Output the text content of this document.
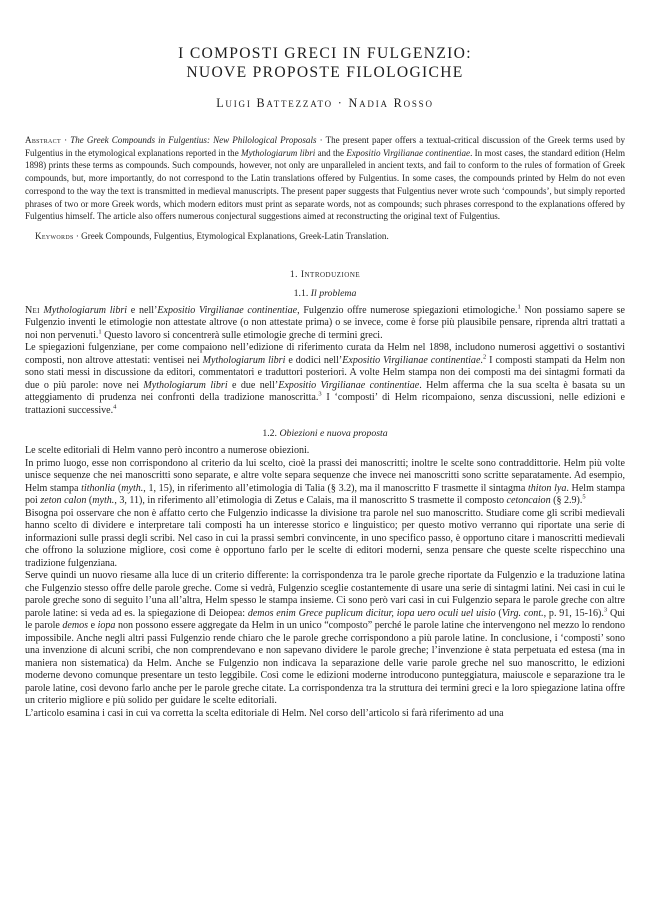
I COMPOSTI GRECI IN FULGENZIO:
NUOVE PROPOSTE FILOLOGICHE
Luigi Battezzato · Nadia Rosso

Abstract · The Greek Compounds in Fulgentius: New Philological Proposals · The present paper offers a textual-critical discussion of the Greek terms used by Fulgentius in the etymological explanations reported in the Mythologiarum libri and the Expositio Virgilianae continentiae. In most cases, the standard edition (Helm 1898) prints these terms as compounds. Such compounds, however, not only are unparalleled in ancient texts, and fail to conform to the rules of formation of Greek compounds, but, more importantly, do not correspond to the Latin translations offered by Fulgentius. In some cases, the compounds printed by Helm do not even correspond to the way the text is transmitted in medieval manuscripts. The present paper suggests that Fulgentius never wrote such ‘compounds’, but simply reported phrases of two or more Greek words, which modern editors must print as separate words, not as compounds; such phrases correspond to the explanations offered by Fulgentius himself. The article also offers numerous conjectural suggestions aimed at reconstructing the original text of Fulgentius.

Keywords · Greek Compounds, Fulgentius, Etymological Explanations, Greek-Latin Translation.

1. Introduzione
1.1. Il problema

Nei Mythologiarum libri e nell’Expositio Virgilianae continentiae, Fulgenzio offre numerose spiegazioni etimologiche.$^1$ Non possiamo sapere se Fulgenzio inventi le etimologie non attestate altrove (o non attestate prima) o se invece, come è forse più plausibile pensare, riprenda altri trattati a noi non pervenuti.$^1$ Questo lavoro si concentrerà sulle etimologie greche di termini greci.

Le spiegazioni fulgenziane, per come compaiono nell’edizione di riferimento curata da Helm nel 1898, includono numerosi aggettivi o sostantivi composti, non altrove attestati: ventisei nei Mythologiarum libri e dodici nell’Expositio Virgilianae continentiae.$^2$ I composti stampati da Helm non sono stati messi in discussione da editori, commentatori e traduttori posteriori. A volte Helm stampa non dei composti ma dei sintagmi formati da due o più parole: nove nei Mythologiarum libri e due nell’Expositio Virgilianae continentiae. Helm afferma che la sua scelta è basata su un atteggiamento di prudenza nei confronti della tradizione manoscritta.$^3$ I ‘composti’ di Helm ricompaiono, senza discussioni, nelle edizioni e trattazioni successive.$^4$

1.2. Obiezioni e nuova proposta

Le scelte editoriali di Helm vanno però incontro a numerose obiezioni.

In primo luogo, esse non corrispondono al criterio da lui scelto, cioè la prassi dei manoscritti; inoltre le scelte sono contraddittorie. Helm più volte unisce sequenze che nei manoscritti sono separate, e altre volte separa sequenze che invece nei manoscritti sono scritte separatamente. Ad esempio, Helm stampa tithonlia (myth., 1, 15), in riferimento all’etimologia di Talia (§ 3.2), ma il manoscritto F trasmette il sintagma thiton lya. Helm stampa poi zeton calon (myth., 3, 11), in riferimento all’etimologia di Zetus e Calais, ma il manoscritto S trasmette il composto cetoncaion (§ 2.9).$^5$

Bisogna poi osservare che non è affatto certo che Fulgenzio indicasse la divisione tra parole nel suo manoscritto. Studiare come gli scribi medievali hanno scelto di dividere e interpretare tali composti ha un interesse storico e linguistico; per questo motivo verranno qui riportate una serie di informazioni sulle prassi degli scribi. Nel caso in cui la prassi sembri convincente, in uno specifico passo, è opportuno citare i manoscritti medievali che offrono la soluzione migliore, così come è opportuno farlo per le scelte di editori moderni, senza pensare che queste scelte rispecchino una tradizione fulgenziana.

Serve quindi un nuovo riesame alla luce di un criterio differente: la corrispondenza tra le parole greche riportate da Fulgenzio e la traduzione latina che Fulgenzio stesso offre delle parole greche. Come si vedrà, Fulgenzio sceglie costantemente di usare una serie di sintagmi latini. Nei casi in cui le parole greche sono di seguito l’una all’altra, Helm spesso le stampa insieme. Ci sono però vari casi in cui Fulgenzio separa le parole greche con altre parole latine: si veda ad es. la spiegazione di Deiopea: demos enim Grece puplicum dicitur, iopa uero oculi uel uisio (Virg. cont., p. 91, 15-16).$^3$ Qui le parole demos e iopa non possono essere aggregate da Helm in un unico “composto” perché le parole latine che intervengono nel mezzo lo rendono impossibile. Anche negli altri passi Fulgenzio rende chiaro che le parole greche corrispondono a più parole latine. In conclusione, i ‘composti’ sono una invenzione di alcuni scribi, che non comprendevano e non sapevano dividere le parole greche; l’invenzione è stata perpetuata ed estesa (ma in maniera non sistematica) da Helm. Anche se Fulgenzio non indicava la separazione delle varie parole greche nel suo manoscritto, le edizioni moderne devono comunque presentare un testo leggibile. Così come le edizioni moderne introducono punteggiatura, maiuscole e separazione tra le parole latine, così devono farlo anche per le parole greche citate. La corrispondenza tra la struttura dei termini greci e la loro spiegazione latina offre un criterio migliore e più solido per guidare le scelte editoriali.

L’articolo esamina i casi in cui va corretta la scelta editoriale di Helm. Nel corso dell’articolo si farà riferimento ad una
